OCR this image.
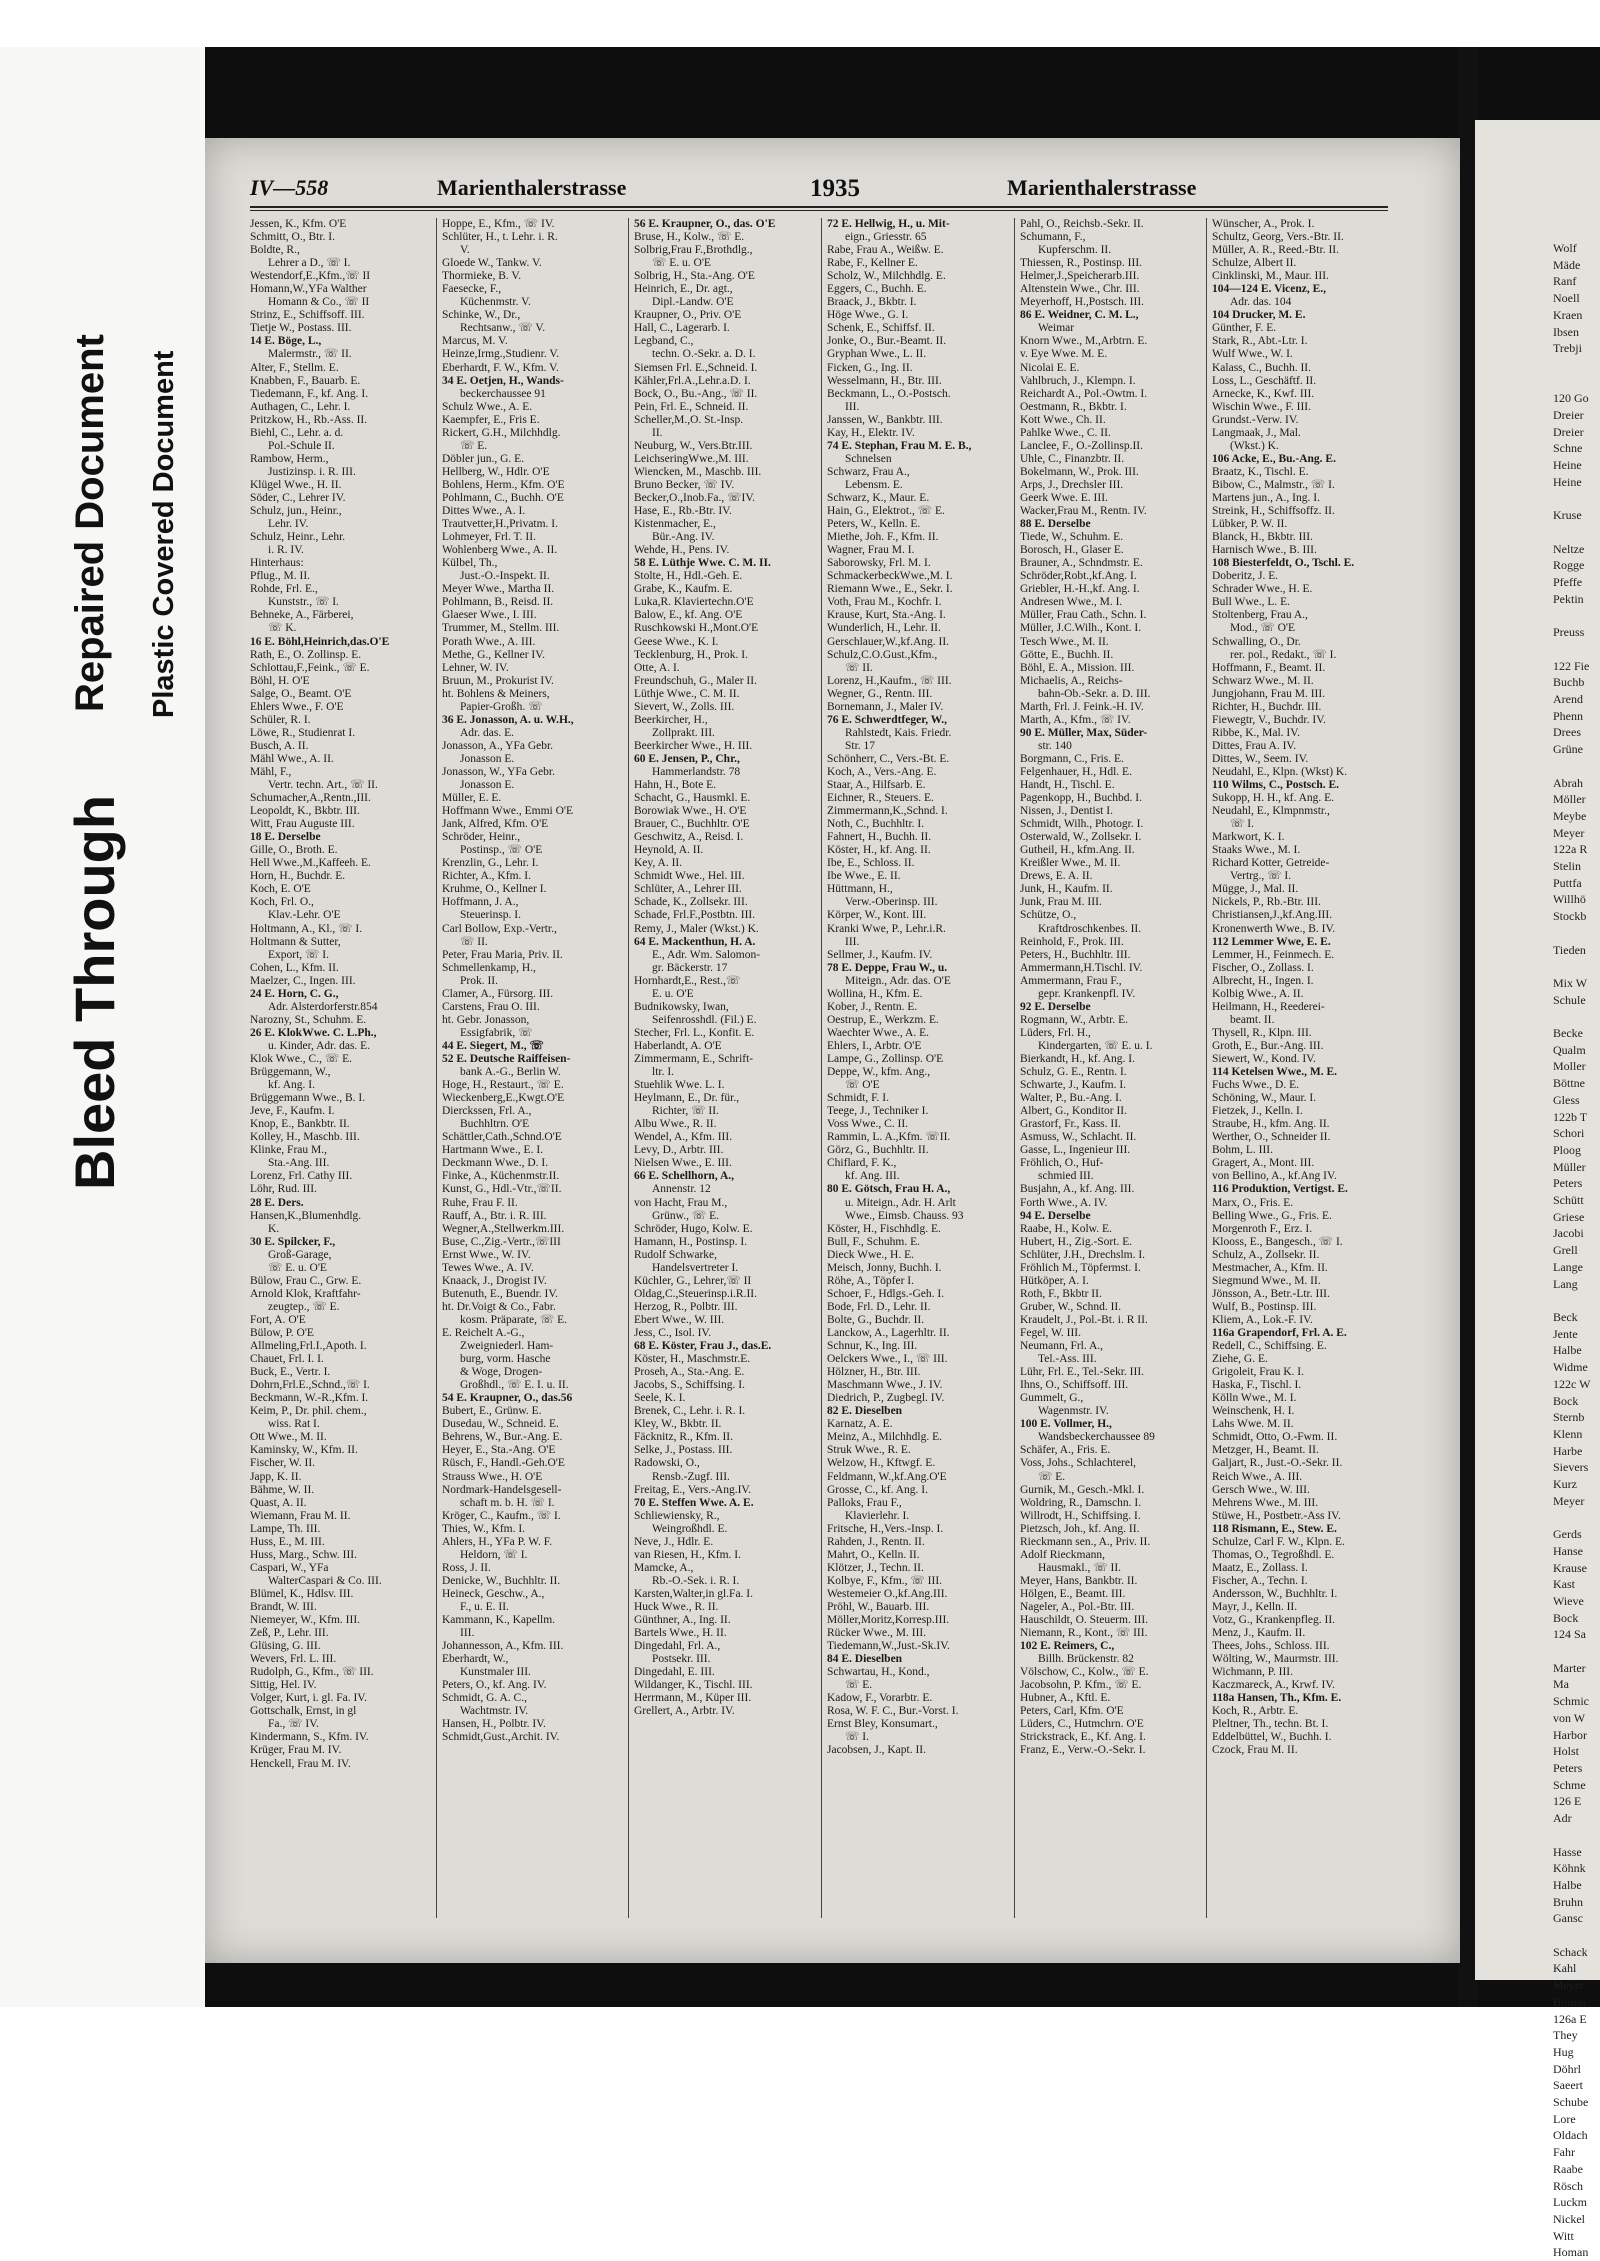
Wolf
Mäde
Ranf
Noell
Kraen
Ibsen
Trebji

120 Go
Dreier
Dreier
Schne
Heine
Heine

Kruse

Neltze
Rogge
Pfeffe
Pektin

Preuss

122 Fie
Buchb
Arend
Phenn
Drees
Grüne

Abrah
Möller
Meybe
Meyer
122a R
Stelin
Puttfa
Willhö
Stockb

Tieden

Mix W
Schule

Becke
Qualm
Moller
Böttne
Gless
122b T
Schori
Ploog
Müller
Peters
Schütt
Griese
Jacobi
Grell
Lange
Lang

Beck
Jente
Halbe
Widme
122c W
Bock
Sternb
Klenn
Harbe
Sievers
Kurz
Meyer

Gerds
Hanse
Krause
Kast
Wieve
Bock
124 Sa

Marter
Ma
Schmic
von W
Harbor
Holst
Peters
Schme
126 E
Adr

Hasse
Köhnk
Halbe
Bruhn
Gansc

Schack
Kahl
Meyer
Binniu
126a E
They
Hug
Döhrl
Saeert
Schube
Lore
Oldach
Fahr
Raabe
Rösch
Luckm
Nickel
Witt
Homan
Bleed Through
Repaired Document Plastic Covered Document
IV—558	Marienthalerstrasse	1935	Marienthalerstrasse

Jessen, K., Kfm. O'E

Schmitt, O., Btr. I.

Boldte, R.,

Lehrer a D., ☏ I.

Westendorf,E.,Kfm.,☏ II

Homann,W.,YFa Walther

Homann & Co., ☏ II

Strinz, E., Schiffsoff. III.

Tietje W., Postass. III.

14 E. Böge, L.,

Malermstr., ☏ II.

Alter, F., Stellm. E.

Knabben, F., Bauarb. E.

Tiedemann, F., kf. Ang. I.

Authagen, C., Lehr. I.

Pritzkow, H., Rb.-Ass. II.

Biehl, C., Lehr. a. d.

Pol.-Schule II.

Rambow, Herm.,

Justizinsp. i. R. III.

Klügel Wwe., H. II.

Söder, C., Lehrer IV.

Schulz, jun., Heinr.,

Lehr. IV.

Schulz, Heinr., Lehr.

i. R. IV.

Hinterhaus:

Pflug., M. II.

Rohde, Frl. E.,

Kunststr., ☏ I.

Behneke, A., Färberei,

☏ K.

16 E. Böhl,Heinrich,das.O'E

Rath, E., O. Zollinsp. E.

Schlottau,F.,Feink., ☏ E.

Böhl, H. O'E

Salge, O., Beamt. O'E

Ehlers Wwe., F. O'E

Schüler, R. I.

Löwe, R., Studienrat I.

Busch, A. II.

Mähl Wwe., A. II.

Mähl, F.,

Vertr. techn. Art., ☏ II.

Schumacher,A.,Rentn.,III.

Leopoldt, K., Bkbtr. III.

Witt, Frau Auguste III.

18 E. Derselbe

Gille, O., Broth. E.

Hell Wwe.,M.,Kaffeeh. E.

Horn, H., Buchdr. E.

Koch, E. O'E

Koch, Frl. O.,

Klav.-Lehr. O'E

Holtmann, A., Kl., ☏ I.

Holtmann & Sutter,

Export, ☏ I.

Cohen, L., Kfm. II.

Maelzer, C., Ingen. III.

24 E. Horn, C. G.,

Adr. Alsterdorferstr.854

Narozny, St., Schuhm. E.

26 E. KlokWwe. C. L.Ph.,

u. Kinder, Adr. das. E.

Klok Wwe., C., ☏ E.

Brüggemann, W.,

kf. Ang. I.

Brüggemann Wwe., B. I.

Jeve, F., Kaufm. I.

Knop, E., Bankbtr. II.

Kolley, H., Maschb. III.

Klinke, Frau M.,

Sta.-Ang. III.

Lorenz, Frl. Cathy III.

Löhr, Rud. III.

28 E. Ders.

Hansen,K.,Blumenhdlg.

K.

30 E. Spilcker, F.,

Groß-Garage,

☏ E. u. O'E

Bülow, Frau C., Grw. E.

Arnold Klok, Kraftfahr-

zeugtep., ☏ E.

Fort, A. O'E

Bülow, P. O'E

Allmeling,Frl.I.,Apoth. I.

Chauet, Frl. I. I.

Buck, E., Vertr. I.

Dohrn,Frl.E.,Schnd.,☏ I.

Beckmann, W.-R.,Kfm. I.

Keim, P., Dr. phil. chem.,

wiss. Rat I.

Ott Wwe., M. II.

Kaminsky, W., Kfm. II.

Fischer, W. II.

Japp, K. II.

Bähme, W. II.

Quast, A. II.

Wiemann, Frau M. II.

Lampe, Th. III.

Huss, E., M. III.

Huss, Marg., Schw. III.

Caspari, W., YFa

WalterCaspari & Co. III.

Blümel, K., Hdlsv. III.

Brandt, W. III.

Niemeyer, W., Kfm. III.

Zeß, P., Lehr. III.

Glüsing, G. III.

Wevers, Frl. L. III.

Rudolph, G., Kfm., ☏ III.

Sittig, Hel. IV.

Volger, Kurt, i. gl. Fa. IV.

Gottschalk, Ernst, in gl

Fa., ☏ IV.

Kindermann, S., Kfm. IV.

Krüger, Frau M. IV.

Henckell, Frau M. IV.

Hoppe, E., Kfm., ☏ IV.

Schlüter, H., t. Lehr. i. R.

V.

Gloede W., Tankw. V.

Thormieke, B. V.

Faesecke, F.,

Küchenmstr. V.

Schinke, W., Dr.,

Rechtsanw., ☏ V.

Marcus, M. V.

Heinze,Irmg.,Studienr. V.

Eberhardt, F. W., Kfm. V.

34 E. Oetjen, H., Wands-

beckerchaussee 91

Schulz Wwe., A. E.

Kaempfer, E., Fris E.

Rickert, G.H., Milchhdlg.

☏ E.

Döbler jun., G. E.

Hellberg, W., Hdlr. O'E

Bohlens, Herm., Kfm. O'E

Pohlmann, C., Buchh. O'E

Dittes Wwe., A. I.

Trautvetter,H.,Privatm. I.

Lohmeyer, Frl. T. II.

Wohlenberg Wwe., A. II.

Külbel, Th.,

Just.-O.-Inspekt. II.

Meyer Wwe., Martha II.

Pohlmann, B., Reisd. II.

Glaeser Wwe., I. III.

Trummer, M., Stellm. III.

Porath Wwe., A. III.

Methe, G., Kellner IV.

Lehner, W. IV.

Bruun, M., Prokurist IV.

ht. Bohlens & Meiners,

Papier-Großh. ☏

36 E. Jonasson, A. u. W.H.,

Adr. das. E.

Jonasson, A., YFa Gebr.

Jonasson E.

Jonasson, W., YFa Gebr.

Jonasson E.

Müller, E. E.

Hoffmann Wwe., Emmi O'E

Jank, Alfred, Kfm. O'E

Schröder, Heinr.,

Postinsp., ☏ O'E

Krenzlin, G., Lehr. I.

Richter, A., Kfm. I.

Kruhme, O., Kellner I.

Hoffmann, J. A.,

Steuerinsp. I.

Carl Bollow, Exp.-Vertr.,

☏ II.

Peter, Frau Maria, Priv. II.

Schmellenkamp, H.,

Prok. II.

Clamer, A., Fürsorg. III.

Carstens, Frau O. III.

ht. Gebr. Jonasson,

Essigfabrik, ☏

44 E. Siegert, M., ☏

52 E. Deutsche Raiffeisen-

bank A.-G., Berlin W.

Hoge, H., Restaurt., ☏ E.

Wieckenberg,E.,Kwgt.O'E

Dierckssen, Frl. A.,

Buchhltrn. O'E

Schättler,Cath.,Schnd.O'E

Hartmann Wwe., E. I.

Deckmann Wwe., D. I.

Finke, A., Küchenmstr.II.

Kunst, G., Hdl.-Vtr.,☏II.

Ruhe, Frau F. II.

Rauff, A., Btr. i. R. III.

Wegner,A.,Stellwerkm.III.

Buse, C.,Zig.-Vertr.,☏III

Ernst Wwe., W. IV.

Tewes Wwe., A. IV.

Knaack, J., Drogist IV.

Butenuth, E., Buendr. IV.

ht. Dr.Voigt & Co., Fabr.

kosm. Präparate, ☏ E.

E. Reichelt A.-G.,

Zweigniederl. Ham-

burg, vorm. Hasche

& Woge, Drogen-

Großhdl., ☏ E. I. u. II.

54 E. Kraupner, O., das.56

Bubert, E., Grünw. E.

Dusedau, W., Schneid. E.

Behrens, W., Bur.-Ang. E.

Heyer, E., Sta.-Ang. O'E

Rüsch, F., Handl.-Geh.O'E

Strauss Wwe., H. O'E

Nordmark-Handelsgesell-

schaft m. b. H. ☏ I.

Kröger, C., Kaufm., ☏ I.

Thies, W., Kfm. I.

Ahlers, H., YFa P. W. F.

Heldorn, ☏ I.

Ross, J. II.

Denicke, W., Buchhltr. II.

Heineck, Geschw., A.,

F., u. E. II.

Kammann, K., Kapellm.

III.

Johannesson, A., Kfm. III.

Eberhardt, W.,

Kunstmaler III.

Peters, O., kf. Ang. IV.

Schmidt, G. A. C.,

Wachtmstr. IV.

Hansen, H., Polbtr. IV.

Schmidt,Gust.,Archit. IV.

56 E. Kraupner, O., das. O'E

Bruse, H., Kolw., ☏ E.

Solbrig,Frau F.,Brothdlg.,

☏ E. u. O'E

Solbrig, H., Sta.-Ang. O'E

Heinrich, E., Dr. agt.,

Dipl.-Landw. O'E

Kraupner, O., Priv. O'E

Hall, C., Lagerarb. I.

Legband, C.,

techn. O.-Sekr. a. D. I.

Siemsen Frl. E.,Schneid. I.

Kähler,Frl.A.,Lehr.a.D. I.

Bock, O., Bu.-Ang., ☏ II.

Pein, Frl. E., Schneid. II.

Scheller,M.,O. St.-Insp.

II.

Neuburg, W., Vers.Btr.III.

LeichseringWwe.,M. III.

Wiencken, M., Maschb. III.

Bruno Becker, ☏ IV.

Becker,O.,Inob.Fa., ☏IV.

Hase, E., Rb.-Btr. IV.

Kistenmacher, E.,

Bür.-Ang. IV.

Wehde, H., Pens. IV.

58 E. Lüthje Wwe. C. M. II.

Stolte, H., Hdl.-Geh. E.

Grabe, K., Kaufm. E.

Luka,R. Klaviertechn.O'E

Balow, E., kf. Ang. O'E

Ruschkowski H.,Mont.O'E

Geese Wwe., K. I.

Tecklenburg, H., Prok. I.

Otte, A. I.

Freundschuh, G., Maler II.

Lüthje Wwe., C. M. II.

Sievert, W., Zolls. III.

Beerkircher, H.,

Zollprakt. III.

Beerkircher Wwe., H. III.

60 E. Jensen, P., Chr.,

Hammerlandstr. 78

Hahn, H., Bote E.

Schacht, G., Hausmkl. E.

Borowiak Wwe., H. O'E

Brauer, C., Buchhltr. O'E

Geschwitz, A., Reisd. I.

Heynold, A. II.

Key, A. II.

Schmidt Wwe., Hel. III.

Schlüter, A., Lehrer III.

Schade, K., Zollsekr. III.

Schade, Frl.F.,Postbtn. III.

Remy, J., Maler (Wkst.) K.

64 E. Mackenthun, H. A.

E., Adr. Wm. Salomon-

gr. Bäckerstr. 17

Hornhardt,E., Rest.,☏

E. u. O'E

Budnikowsky, Iwan,

Seifenrosshdl. (Fil.) E.

Stecher, Frl. L., Konfit. E.

Haberlandt, A. O'E

Zimmermann, E., Schrift-

ltr. I.

Stuehlik Wwe. L. I.

Heylmann, E., Dr. für.,

Richter, ☏ II.

Albu Wwe., R. II.

Wendel, A., Kfm. III.

Levy, D., Arbtr. III.

Nielsen Wwe., E. III.

66 E. Schellhorn, A.,

Annenstr. 12

von Hacht, Frau M.,

Grünw., ☏ E.

Schröder, Hugo, Kolw. E.

Hamann, H., Postinsp. I.

Rudolf Schwarke,

Handelsvertreter I.

Küchler, G., Lehrer,☏ II

Oldag,C.,Steuerinsp.i.R.II.

Herzog, R., Polbtr. III.

Ebert Wwe., W. III.

Jess, C., Isol. IV.

68 E. Köster, Frau J., das.E.

Köster, H., Maschmstr.E.

Proseh, A., Sta.-Ang. E.

Jacobs, S., Schiffsing. I.

Seele, K. I.

Brenek, C., Lehr. i. R. I.

Kley, W., Bkbtr. II.

Fäcknitz, R., Kfm. II.

Selke, J., Postass. III.

Radowski, O.,

Rensb.-Zugf. III.

Freitag, E., Vers.-Ang.IV.

70 E. Steffen Wwe. A. E.

Schliewiensky, R.,

Weingroßhdl. E.

Neve, J., Hdlr. E.

van Riesen, H., Kfm. I.

Mamcke, A.,

Rb.-O.-Sek. i. R. I.

Karsten,Walter,in gl.Fa. I.

Huck Wwe., R. II.

Günthner, A., Ing. II.

Bartels Wwe., H. II.

Dingedahl, Frl. A.,

Postsekr. III.

Dingedahl, E. III.

Wildanger, K., Tischl. III.

Herrmann, M., Küper III.

Grellert, A., Arbtr. IV.

72 E. Hellwig, H., u. Mit-

eign., Griesstr. 65

Rabe, Frau A., Weißw. E.

Rabe, F., Kellner E.

Scholz, W., Milchhdlg. E.

Eggers, C., Buchh. E.

Braack, J., Bkbtr. I.

Höge Wwe., G. I.

Schenk, E., Schiffsf. II.

Jonke, O., Bur.-Beamt. II.

Gryphan Wwe., L. II.

Ficken, G., Ing. II.

Wesselmann, H., Btr. III.

Beckmann, L., O.-Postsch.

III.

Janssen, W., Bankbtr. III.

Kay, H., Elektr. IV.

74 E. Stephan, Frau M. E. B.,

Schnelsen

Schwarz, Frau A.,

Lebensm. E.

Schwarz, K., Maur. E.

Hain, G., Elektrot., ☏ E.

Peters, W., Kelln. E.

Miethe, Joh. F., Kfm. II.

Wagner, Frau M. I.

Saborowsky, Frl. M. I.

SchmackerbeckWwe.,M. I.

Riemann Wwe., E., Sekr. I.

Voth, Frau M., Kochfr. I.

Krause, Kurt, Sta.-Ang. I.

Wunderlich, H., Lehr. II.

Gerschlauer,W.,kf.Ang. II.

Schulz,C.O.Gust.,Kfm.,

☏ II.

Lorenz, H.,Kaufm., ☏ III.

Wegner, G., Rentn. III.

Bornemann, J., Maler IV.

76 E. Schwerdtfeger, W.,

Rahlstedt, Kais. Friedr.

Str. 17

Schönherr, C., Vers.-Bt. E.

Koch, A., Vers.-Ang. E.

Staar, A., Hilfsarb. E.

Eichner, R., Steuers. E.

Zimmermann,K.,Schnd. I.

Noth, C., Buchhltr. I.

Fahnert, H., Buchh. II.

Köster, H., kf. Ang. II.

Ibe, E., Schloss. II.

Ibe Wwe., E. II.

Hüttmann, H.,

Verw.-Oberinsp. III.

Körper, W., Kont. III.

Kranki Wwe, P., Lehr.i.R.

III.

Sellmer, J., Kaufm. IV.

78 E. Deppe, Frau W., u.

Miteign., Adr. das. O'E

Wollina, H., Kfm. E.

Kober, J., Rentn. E.

Oestrup, E., Werkzm. E.

Waechter Wwe., A. E.

Ehlers, I., Arbtr. O'E

Lampe, G., Zollinsp. O'E

Deppe, W., kfm. Ang.,

☏ O'E

Schmidt, F. I.

Teege, J., Techniker I.

Voss Wwe., C. II.

Rammin, L. A.,Kfm. ☏II.

Görz, G., Buchhltr. II.

Chiflard, F. K.,

kf. Ang. III.

80 E. Götsch, Frau H. A.,

u. Miteign., Adr. H. Arlt

Wwe., Eimsb. Chauss. 93

Köster, H., Fischhdlg. E.

Bull, F., Schuhm. E.

Dieck Wwe., H. E.

Meisch, Jonny, Buchh. I.

Röhe, A., Töpfer I.

Schoer, F., Hdlgs.-Geh. I.

Bode, Frl. D., Lehr. II.

Bolte, G., Buchdr. II.

Lanckow, A., Lagerhltr. II.

Schnur, K., Ing. III.

Oelckers Wwe., I., ☏ III.

Hölzner, H., Btr. III.

Maschmann Wwe., J. IV.

Diedrich, P., Zugbegl. IV.

82 E. Dieselben

Karnatz, A. E.

Meinz, A., Milchhdlg. E.

Struk Wwe., R. E.

Welzow, H., Kftwgf. E.

Feldmann, W.,kf.Ang.O'E

Grosse, C., kf. Ang. I.

Palloks, Frau F.,

Klavierlehr. I.

Fritsche, H.,Vers.-Insp. I.

Rahden, J., Rentn. II.

Mahrt, O., Kelln. II.

Klötzer, J., Techn. II.

Kolbye, F., Kfm., ☏ III.

Westemeier O.,kf.Ang.III.

Pröhl, W., Bauarb. III.

Möller,Moritz,Korresp.III.

Rücker Wwe., M. III.

Tiedemann,W.,Just.-Sk.IV.

84 E. Dieselben

Schwartau, H., Kond.,

☏ E.

Kadow, F., Vorarbtr. E.

Rosa, W. F. C., Bur.-Vorst. I.

Ernst Bley, Konsumart.,

☏ I.

Jacobsen, J., Kapt. II.

Pahl, O., Reichsb.-Sekr. II.

Schumann, F.,

Kupferschm. II.

Thiessen, R., Postinsp. III.

Helmer,J.,Speicherarb.III.

Altenstein Wwe., Chr. III.

Meyerhoff, H.,Postsch. III.

86 E. Weidner, C. M. L.,

Weimar

Knorn Wwe., M.,Arbtrn. E.

v. Eye Wwe. M. E.

Nicolai E. E.

Vahlbruch, J., Klempn. I.

Reichardt A., Pol.-Owtm. I.

Oestmann, R., Bkbtr. I.

Kott Wwe., Ch. II.

Pahlke Wwe., C. II.

Lanclee, F., O.-Zollinsp.II.

Uhle, C., Finanzbtr. II.

Bokelmann, W., Prok. III.

Arps, J., Drechsler III.

Geerk Wwe. E. III.

Wacker,Frau M., Rentn. IV.

88 E. Derselbe

Tiede, W., Schuhm. E.

Borosch, H., Glaser E.

Brauner, A., Schndmstr. E.

Schröder,Robt.,kf.Ang. I.

Griebler, H.-H.,kf. Ang. I.

Andresen Wwe., M. I.

Müller, Frau Cath., Schn. I.

Müller, J.C.Wilh., Kont. I.

Tesch Wwe., M. II.

Götte, E., Buchh. II.

Böhl, E. A., Mission. III.

Michaelis, A., Reichs-

bahn-Ob.-Sekr. a. D. III.

Marth, Frl. J. Feink.-H. IV.

Marth, A., Kfm., ☏ IV.

90 E. Müller, Max, Süder-

str. 140

Borgmann, C., Fris. E.

Felgenhauer, H., Hdl. E.

Handt, H., Tischl. E.

Pagenkopp, H., Buchbd. I.

Nissen, J., Dentist I.

Schmidt, Wilh., Photogr. I.

Osterwald, W., Zollsekr. I.

Gutheil, H., kfm.Ang. II.

Kreißler Wwe., M. II.

Drews, E. A. II.

Junk, H., Kaufm. II.

Junk, Frau M. III.

Schütze, O.,

Kraftdroschkenbes. II.

Reinhold, F., Prok. III.

Peters, H., Buchhltr. III.

Ammermann,H.Tischl. IV.

Ammermann, Frau F.,

gepr. Krankenpfl. IV.

92 E. Derselbe

Rogmann, W., Arbtr. E.

Lüders, Frl. H.,

Kindergarten, ☏ E. u. I.

Bierkandt, H., kf. Ang. I.

Schulz, G. E., Rentn. I.

Schwarte, J., Kaufm. I.

Walter, P., Bu.-Ang. I.

Albert, G., Konditor II.

Grastorf, Fr., Kass. II.

Asmuss, W., Schlacht. II.

Gasse, L., Ingenieur III.

Fröhlich, O., Huf-

schmied III.

Busjahn, A., kf. Ang. III.

Forth Wwe., A. IV.

94 E. Derselbe

Raabe, H., Kolw. E.

Hubert, H., Zig.-Sort. E.

Schlüter, J.H., Drechslm. I.

Fröhlich M., Töpfermst. I.

Hütköper, A. I.

Roth, F., Bkbtr II.

Gruber, W., Schnd. II.

Kraudelt, J., Pol.-Bt. i. R II.

Fegel, W. III.

Neumann, Frl. A.,

Tel.-Ass. III.

Lühr, Frl. E., Tel.-Sekr. III.

Ihns, O., Schiffsoff. III.

Gummelt, G.,

Wagenmstr. IV.

100 E. Vollmer, H.,

Wandsbeckerchaussee 89

Schäfer, A., Fris. E.

Voss, Johs., Schlachterel,

☏ E.

Gurnik, M., Gesch.-Mkl. I.

Woldring, R., Damschn. I.

Willrodt, H., Schiffsing. I.

Pietzsch, Joh., kf. Ang. II.

Rieckmann sen., A., Priv. II.

Adolf Rieckmann,

Hausmakl., ☏ II.

Meyer, Hans, Bankbtr. II.

Hölgen, E., Beamt. III.

Nageler, A., Pol.-Btr. III.

Hauschildt, O. Steuerm. III.

Niemann, R., Kont., ☏ III.

102 E. Reimers, C.,

Billh. Brückenstr. 82

Völschow, C., Kolw., ☏ E.

Jacobsohn, P. Kfm., ☏ E.

Hubner, A., Kftl. E.

Peters, Carl, Kfm. O'E

Lüders, C., Hutmchrn. O'E

Strickstrack, E., Kf. Ang. I.

Franz, E., Verw.-O.-Sekr. I.

Wünscher, A., Prok. I.

Schultz, Georg, Vers.-Btr. II.

Müller, A. R., Reed.-Btr. II.

Schulze, Albert II.

Cinklinski, M., Maur. III.

104—124 E. Vicenz, E.,

Adr. das. 104

104 Drucker, M. E.

Günther, F. E.

Stark, R., Abt.-Ltr. I.

Wulf Wwe., W. I.

Kalass, C., Buchh. II.

Loss, L., Geschäftf. II.

Arnecke, K., Kwf. III.

Wischin Wwe., F. III.

Grundst.-Verw. IV.

Langmaak, J., Mal.

(Wkst.) K.

106 Acke, E., Bu.-Ang. E.

Braatz, K., Tischl. E.

Bibow, C., Malmstr., ☏ I.

Martens jun., A., Ing. I.

Streink, H., Schiffsoffz. II.

Lübker, P. W. II.

Blanck, H., Bkbtr. III.

Harnisch Wwe., B. III.

108 Biesterfeldt, O., Tschl. E.

Doberitz, J. E.

Schrader Wwe., H. E.

Bull Wwe., L. E.

Stoltenberg, Frau A.,

Mod., ☏ O'E

Schwalling, O., Dr.

rer. pol., Redakt., ☏ I.

Hoffmann, F., Beamt. II.

Schwarz Wwe., M. II.

Jungjohann, Frau M. III.

Richter, H., Buchdr. III.

Fiewegtr, V., Buchdr. IV.

Ribbe, K., Mal. IV.

Dittes, Frau A. IV.

Dittes, W., Seem. IV.

Neudahl, E., Klpn. (Wkst) K.

110 Wilms, C., Postsch. E.

Sukopp, H. H., kf. Ang. E.

Neudahl, E., Klmpnmstr.,

☏ I.

Markwort, K. I.

Staaks Wwe., M. I.

Richard Kotter, Getreide-

Vertrg., ☏ I.

Mügge, J., Mal. II.

Nickels, P., Rb.-Btr. III.

Christiansen,J.,kf.Ang.III.

Kronenwerth Wwe., B. IV.

112 Lemmer Wwe, E. E.

Lemmer, H., Feinmech. E.

Fischer, O., Zollass. I.

Albrecht, H., Ingen. I.

Kolbig Wwe., A. II.

Heilmann, H., Reederei-

beamt. II.

Thysell, R., Klpn. III.

Groth, E., Bur.-Ang. III.

Siewert, W., Kond. IV.

114 Ketelsen Wwe., M. E.

Fuchs Wwe., D. E.

Schöning, W., Maur. I.

Fietzek, J., Kelln. I.

Straube, H., kfm. Ang. II.

Werther, O., Schneider II.

Bohm, L. III.

Gragert, A., Mont. III.

von Bellino, A., kf.Ang IV.

116 Produktion, Vertigst. E.

Marx, O., Fris. E.

Belling Wwe., G., Fris. E.

Morgenroth F., Erz. I.

Klooss, E., Bangesch., ☏ I.

Schulz, A., Zollsekr. II.

Mestmacher, A., Kfm. II.

Siegmund Wwe., M. II.

Jönsson, A., Betr.-Ltr. III.

Wulf, B., Postinsp. III.

Kliem, A., Lok.-F. IV.

116a Grapendorf, Frl. A. E.

Redell, C., Schiffsing. E.

Ziehe, G. E.

Grigoleit, Frau K. I.

Haska, F., Tischl. I.

Kölln Wwe., M. I.

Weinschenk, H. I.

Lahs Wwe. M. II.

Schmidt, Otto, O.-Fwm. II.

Metzger, H., Beamt. II.

Galjart, R., Just.-O.-Sekr. II.

Reich Wwe., A. III.

Gersch Wwe., W. III.

Mehrens Wwe., M. III.

Stüwe, H., Postbetr.-Ass IV.

118 Rismann, E., Stew. E.

Schulze, Carl F. W., Klpn. E.

Thomas, O., Tegroßhdl. E.

Maatz, E., Zollass. I.

Fischer, A., Techn. I.

Andersson, W., Buchhltr. I.

Mayr, J., Kelln. II.

Votz, G., Krankenpfleg. II.

Menz, J., Kaufm. II.

Thees, Johs., Schloss. III.

Wölting, W., Maurmstr. III.

Wichmann, P. III.

Kaczmareck, A., Krwf. IV.

118a Hansen, Th., Kfm. E.

Koch, R., Arbtr. E.

Pleltner, Th., techn. Bt. I.

Eddelbüttel, W., Buchh. I.

Czock, Frau M. II.
